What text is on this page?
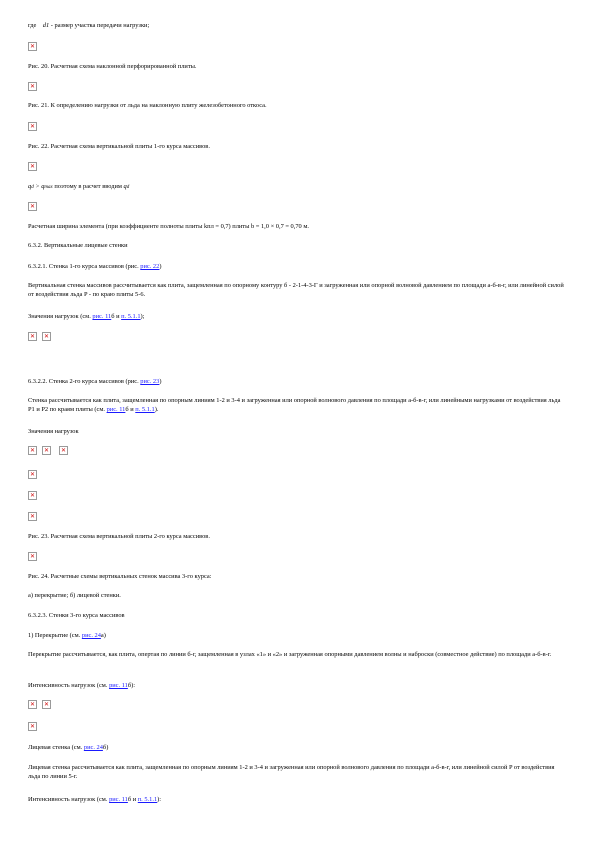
где d1 - размер участка передачи нагрузки;
✕
Рис. 20. Расчетная схема наклонной перфорированной плиты.
✕
Рис. 21. К определению нагрузки от льда на наклонную плиту железобетонного откоса.
✕
Рис. 22. Расчетная схема вертикальной плиты 1-го курса массивов.
✕
qd > qmах поэтому в расчет вводим qd
✕
Расчетная ширина элемента (при коэффициенте полноты плиты kпл = 0,7) плиты b = 1,0 × 0,7 = 0,70 м.
6.3.2. Вертикальные лицевые стенки
6.3.2.1. Стенка 1-го курса массивов (рис. рис. 22)
Вертикальная стенка массивов рассчитывается как плита, защемленная по опорному контуру б - 2-1-4-3-Г и загруженная или опорной волновой давлением по площади а-б-в-г, или линейной силой от воздействия льда P - по краю плиты 5-6.
Значения нагрузок (см. рис. 11б и п. 5.1.1);
✕
✕
6.3.2.2. Стенка 2-го курса массивов (рис. рис. 23)
Стенка рассчитывается как плита, защемленная по опорным линиям 1-2 и 3-4 и загруженная или опорной волнового давления по площади а-б-в-г, или линейными нагрузками от воздействия льда P1 и P2 по краям плиты (см. рис. 11б и п. 5.1.1).
Значения нагрузок
✕
✕
✕
✕
✕
✕
Рис. 23. Расчетная схема вертикальной плиты 2-го курса массивов.
✕
Рис. 24. Расчетные схемы вертикальных стенок массива 3-го курса:
а) перекрытие; б) лицевой стенки.
6.3.2.3. Стенки 3-го курса массивов
1) Перекрытие (см. рис. 24а)
Перекрытие рассчитывается, как плита, опертая по линии б-г, защемленная в узлах «1» и «2» и загруженная опорными давлением волны и наброски (совместное действие) по площади а-б-в-г.
Интенсивность нагрузок (см. рис. 11б):
✕
✕
✕
Лицевая стенка (см. рис. 24б)
Лицевая стенка рассчитывается как плита, защемленная по опорным линиям 1-2 и 3-4 и загруженная или опорной волнового давления по площади а-б-в-г, или линейной силой P от воздействия льда по линии 5-г.
Интенсивность нагрузок (см. рис. 11б и п. 5.1.1):
